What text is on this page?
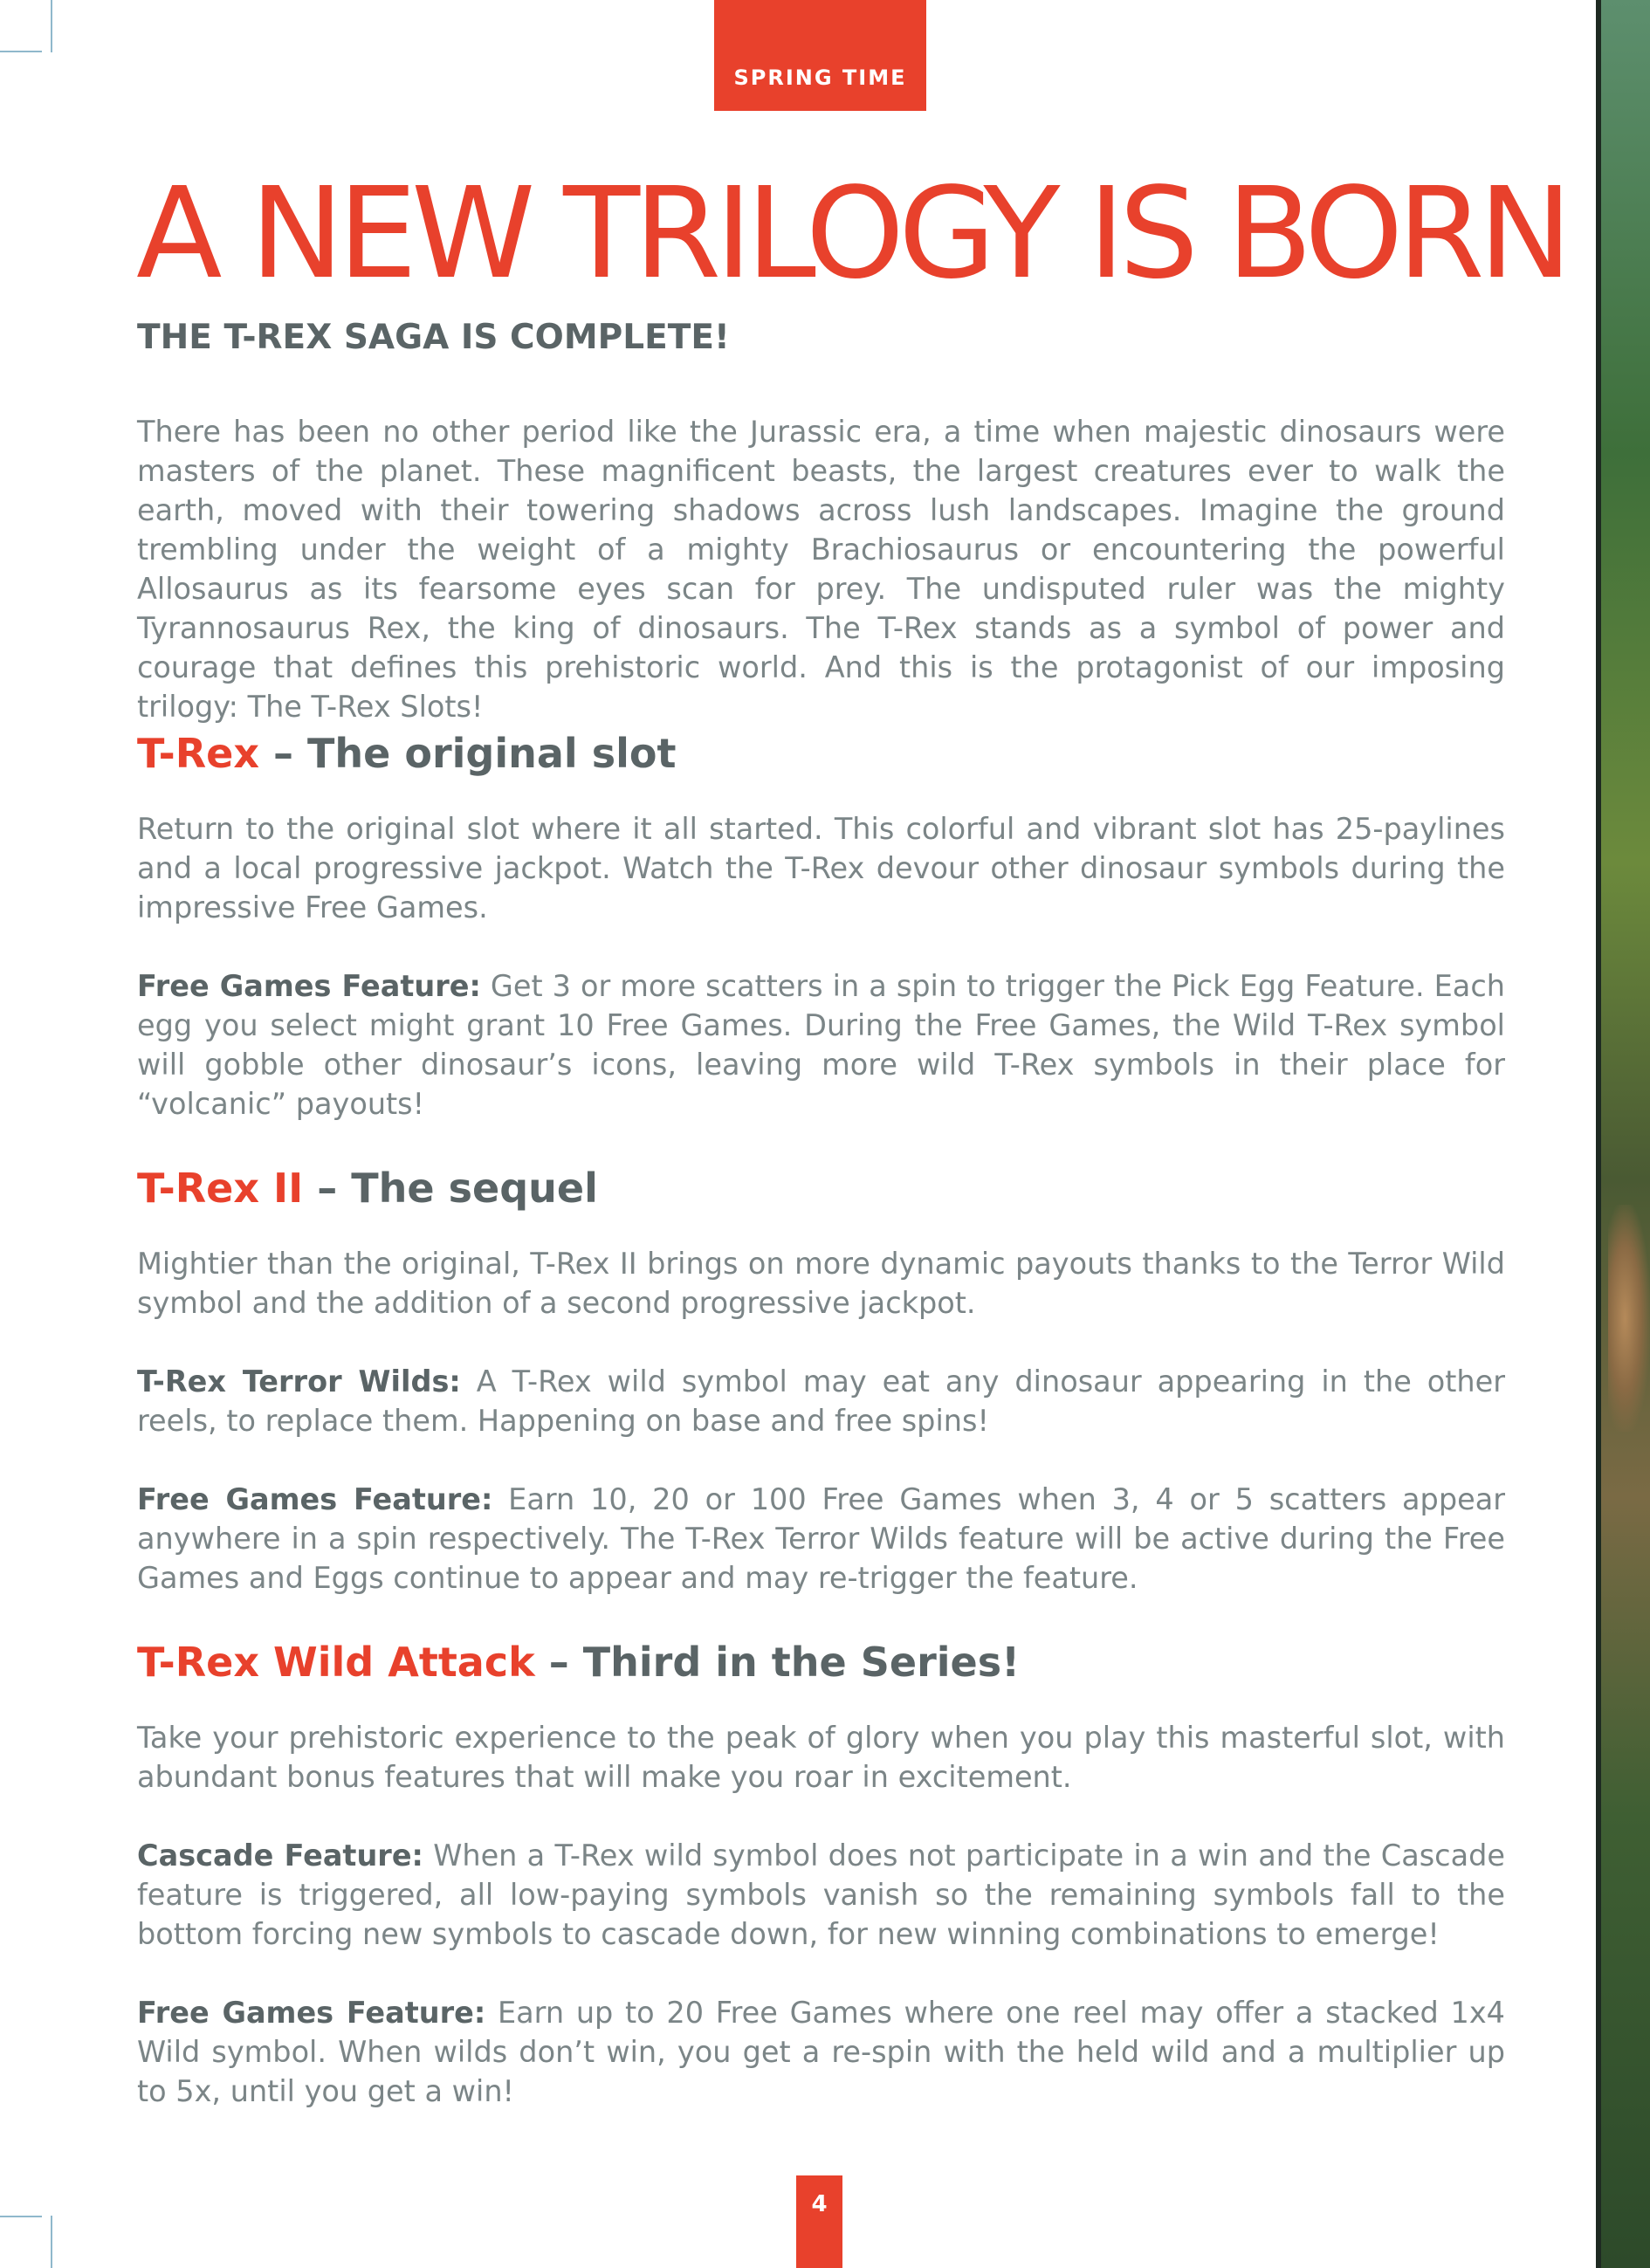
SPRING TIME
A NEW TRILOGY IS BORN
THE T-REX SAGA IS COMPLETE!

There has been no other period like the Jurassic era, a time when majestic dinosaurs were masters of the planet. These magnificent beasts, the largest creatures ever to walk the earth, moved with their towering shadows across lush landscapes. Imagine the ground trembling under the weight of a mighty Brachiosaurus or encountering the powerful Allosaurus as its fearsome eyes scan for prey. The undisputed ruler was the mighty Tyrannosaurus Rex, the king of dinosaurs. The T-Rex stands as a symbol of power and courage that defines this prehistoric world. And this is the protagonist of our imposing trilogy: The T-Rex Slots!

T-Rex – The original slot

Return to the original slot where it all started. This colorful and vibrant slot has 25-paylines and a local progressive jackpot. Watch the T-Rex devour other dinosaur symbols during the impressive Free Games.

Free Games Feature: Get 3 or more scatters in a spin to trigger the Pick Egg Feature. Each egg you select might grant 10 Free Games. During the Free Games, the Wild T-Rex symbol will gobble other dinosaur’s icons, leaving more wild T-Rex symbols in their place for “volcanic” payouts!

T-Rex II – The sequel

Mightier than the original, T-Rex II brings on more dynamic payouts thanks to the Terror Wild symbol and the addition of a second progressive jackpot.

T-Rex Terror Wilds: A T-Rex wild symbol may eat any dinosaur appearing in the other reels, to replace them. Happening on base and free spins!

Free Games Feature: Earn 10, 20 or 100 Free Games when 3, 4 or 5 scatters appear anywhere in a spin respectively. The T-Rex Terror Wilds feature will be active during the Free Games and Eggs continue to appear and may re-trigger the feature.

T-Rex Wild Attack – Third in the Series!

Take your prehistoric experience to the peak of glory when you play this masterful slot, with abundant bonus features that will make you roar in excitement.

Cascade Feature: When a T-Rex wild symbol does not participate in a win and the Cascade feature is triggered, all low-paying symbols vanish so the remaining symbols fall to the bottom forcing new symbols to cascade down, for new winning combinations to emerge!

Free Games Feature: Earn up to 20 Free Games where one reel may offer a stacked 1x4 Wild symbol. When wilds don’t win, you get a re-spin with the held wild and a multiplier up to 5x, until you get a win!

4
